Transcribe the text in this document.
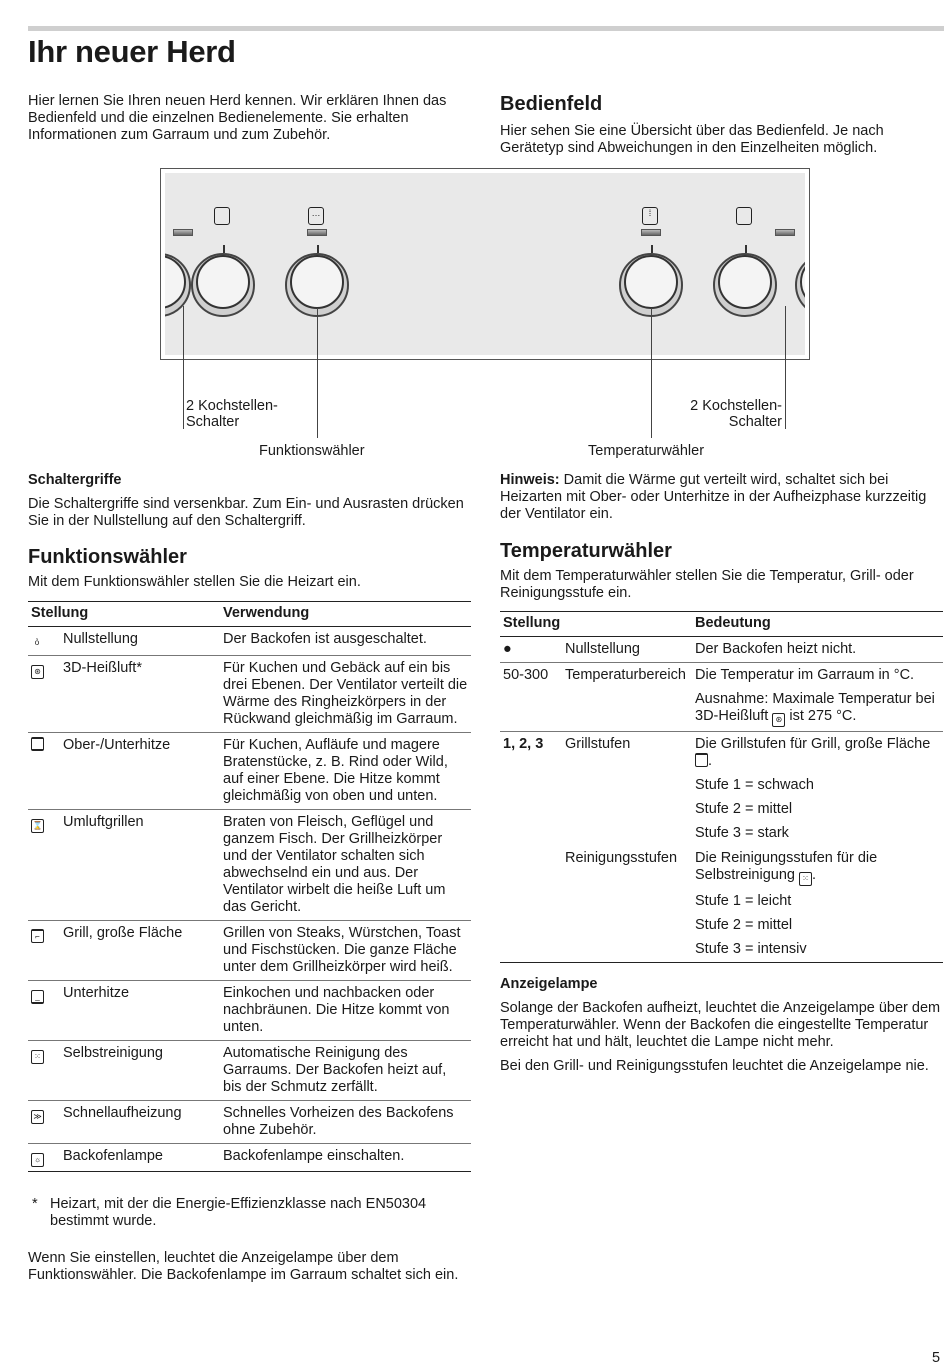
Ihr neuer Herd

Hier lernen Sie Ihren neuen Herd kennen. Wir erklären Ihnen das Bedienfeld und die einzelnen Bedienelemente. Sie erhalten Informationen zum Garraum und zum Zubehör.

Bedienfeld

Hier sehen Sie eine Übersicht über das Bedienfeld. Je nach Gerätetyp sind Abweichungen in den Einzelheiten möglich.

…	⁞
2 Kochstellen-
Schalter
2 Kochstellen-
Schalter
Funktionswähler	Temperaturwähler
Schaltergriffe

Die Schaltergriffe sind versenkbar. Zum Ein- und Ausrasten drücken Sie in der Nullstellung auf den Schaltergriff.

Hinweis: Damit die Wärme gut verteilt wird, schaltet sich bei Heizarten mit Ober- oder Unterhitze in der Aufheizphase kurzzeitig der Ventilator ein.

Funktionswähler

Mit dem Funktionswähler stellen Sie die Heizart ein.

Stellung		Verwendung
ỏ	Nullstellung	Der Backofen ist ausgeschaltet.
⊛	3D-Heißluft*	Für Kuchen und Gebäck auf ein bis drei Ebenen. Der Ventilator verteilt die Wärme des Ringheizkörpers in der Rückwand gleichmäßig im Garraum.
	Ober-/Unterhitze	Für Kuchen, Aufläufe und magere Bratenstücke, z. B. Rind oder Wild, auf einer Ebene. Die Hitze kommt gleichmäßig von oben und unten.
⌛	Umluftgrillen	Braten von Fleisch, Geflügel und ganzem Fisch. Der Grillheizkörper und der Ventilator schalten sich abwechselnd ein und aus. Der Ventilator wirbelt die heiße Luft um das Gericht.
⌐	Grill, große Fläche	Grillen von Steaks, Würstchen, Toast und Fischstücken. Die ganze Fläche unter dem Grillheizkörper wird heiß.
_	Unterhitze	Einkochen und nachbacken oder nachbräunen. Die Hitze kommt von unten.
⁙	Selbstreinigung	Automatische Reinigung des Garraums. Der Backofen heizt auf, bis der Schmutz zerfällt.
≫	Schnellaufheizung	Schnelles Vorheizen des Backofens ohne Zubehör.
☼	Backofenlampe	Backofenlampe einschalten.
* Heizart, mit der die Energie-Effizienzklasse nach EN50304 bestimmt wurde.

Wenn Sie einstellen, leuchtet die Anzeigelampe über dem Funktionswähler. Die Backofenlampe im Garraum schaltet sich ein.

Temperaturwähler

Mit dem Temperaturwähler stellen Sie die Temperatur, Grill- oder Reinigungsstufe ein.

Stellung		Bedeutung
●	Nullstellung	Der Backofen heizt nicht.
50-300	Temperaturbereich	Die Temperatur im Garraum in °C.

Ausnahme: Maximale Temperatur bei 3D-Heißluft ⊛ ist 275 °C.

1, 2, 3	Grillstufen	Die Grillstufen für Grill, große Fläche .

Stufe 1 = schwach

Stufe 2 = mittel

Stufe 3 = stark

	Reinigungsstufen	Die Reinigungsstufen für die Selbstreinigung ⁙ .

Stufe 1 = leicht

Stufe 2 = mittel

Stufe 3 = intensiv

Anzeigelampe

Solange der Backofen aufheizt, leuchtet die Anzeigelampe über dem Temperaturwähler. Wenn der Backofen die eingestellte Temperatur erreicht hat und hält, leuchtet die Lampe nicht mehr.

Bei den Grill- und Reinigungsstufen leuchtet die Anzeigelampe nie.

5
